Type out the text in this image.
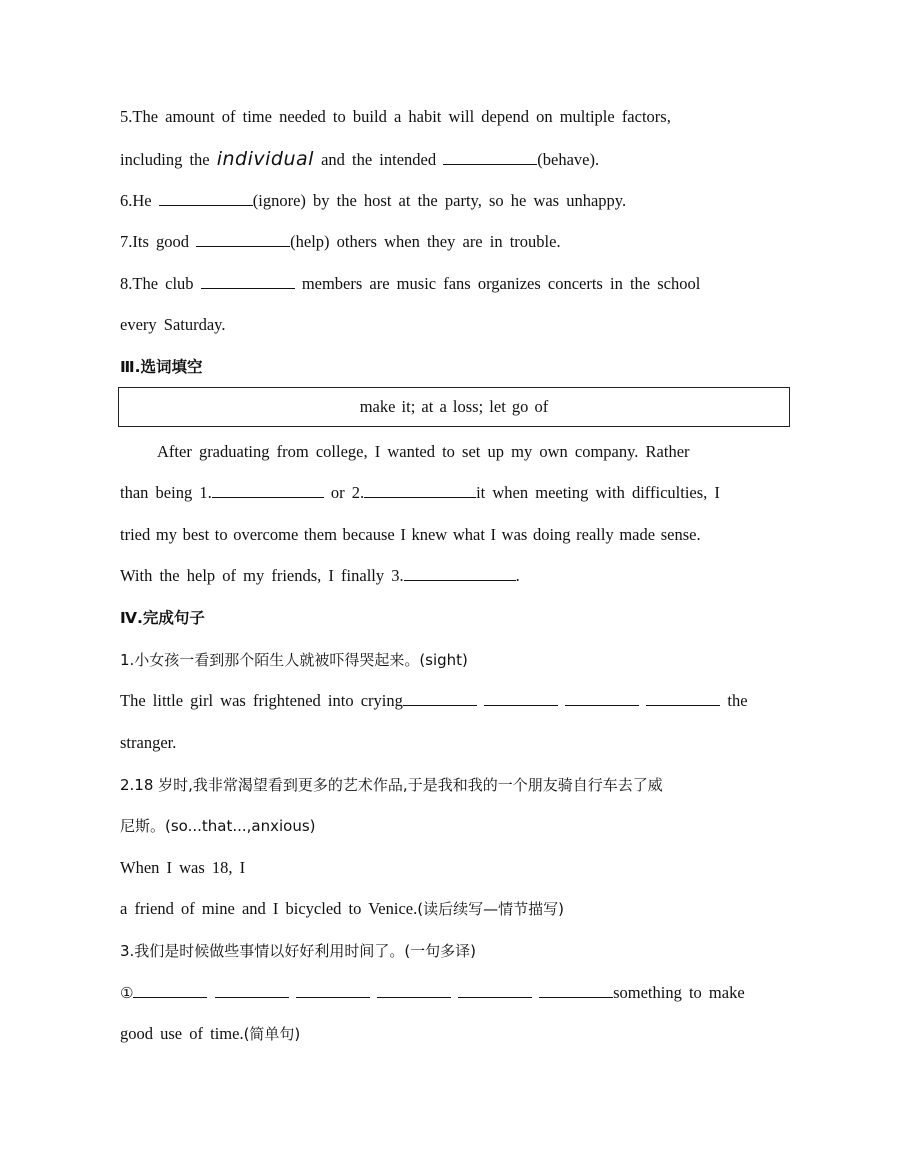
5.The amount of time needed to build a habit will depend on multiple factors,
including the individual and the intended	(behave).
6.He	(ignore) by the host at the party, so he was unhappy.
7.Its good	(help) others when they are in trouble.
8.The club	members are music fans organizes concerts in the school
every Saturday.
Ⅲ.选词填空
make it; at a loss; let go of
After graduating from college, I wanted to set up my own company. Rather
than being 1.	or 2.	it when meeting with difficulties, I
tried my best to overcome them because I knew what I was doing really made sense.
With the help of my friends, I finally 3.	.
Ⅳ.完成句子
1.小女孩一看到那个陌生人就被吓得哭起来。(sight)
The little girl was frightened into crying	the
stranger.
2.18 岁时,我非常渴望看到更多的艺术作品,于是我和我的一个朋友骑自行车去了威
尼斯。(so...that...,anxious)
When I was 18, I
a friend of mine and I bicycled to Venice.(读后续写—情节描写)
3.我们是时候做些事情以好好利用时间了。(一句多译)
①	something to make
good use of time.(简单句)
